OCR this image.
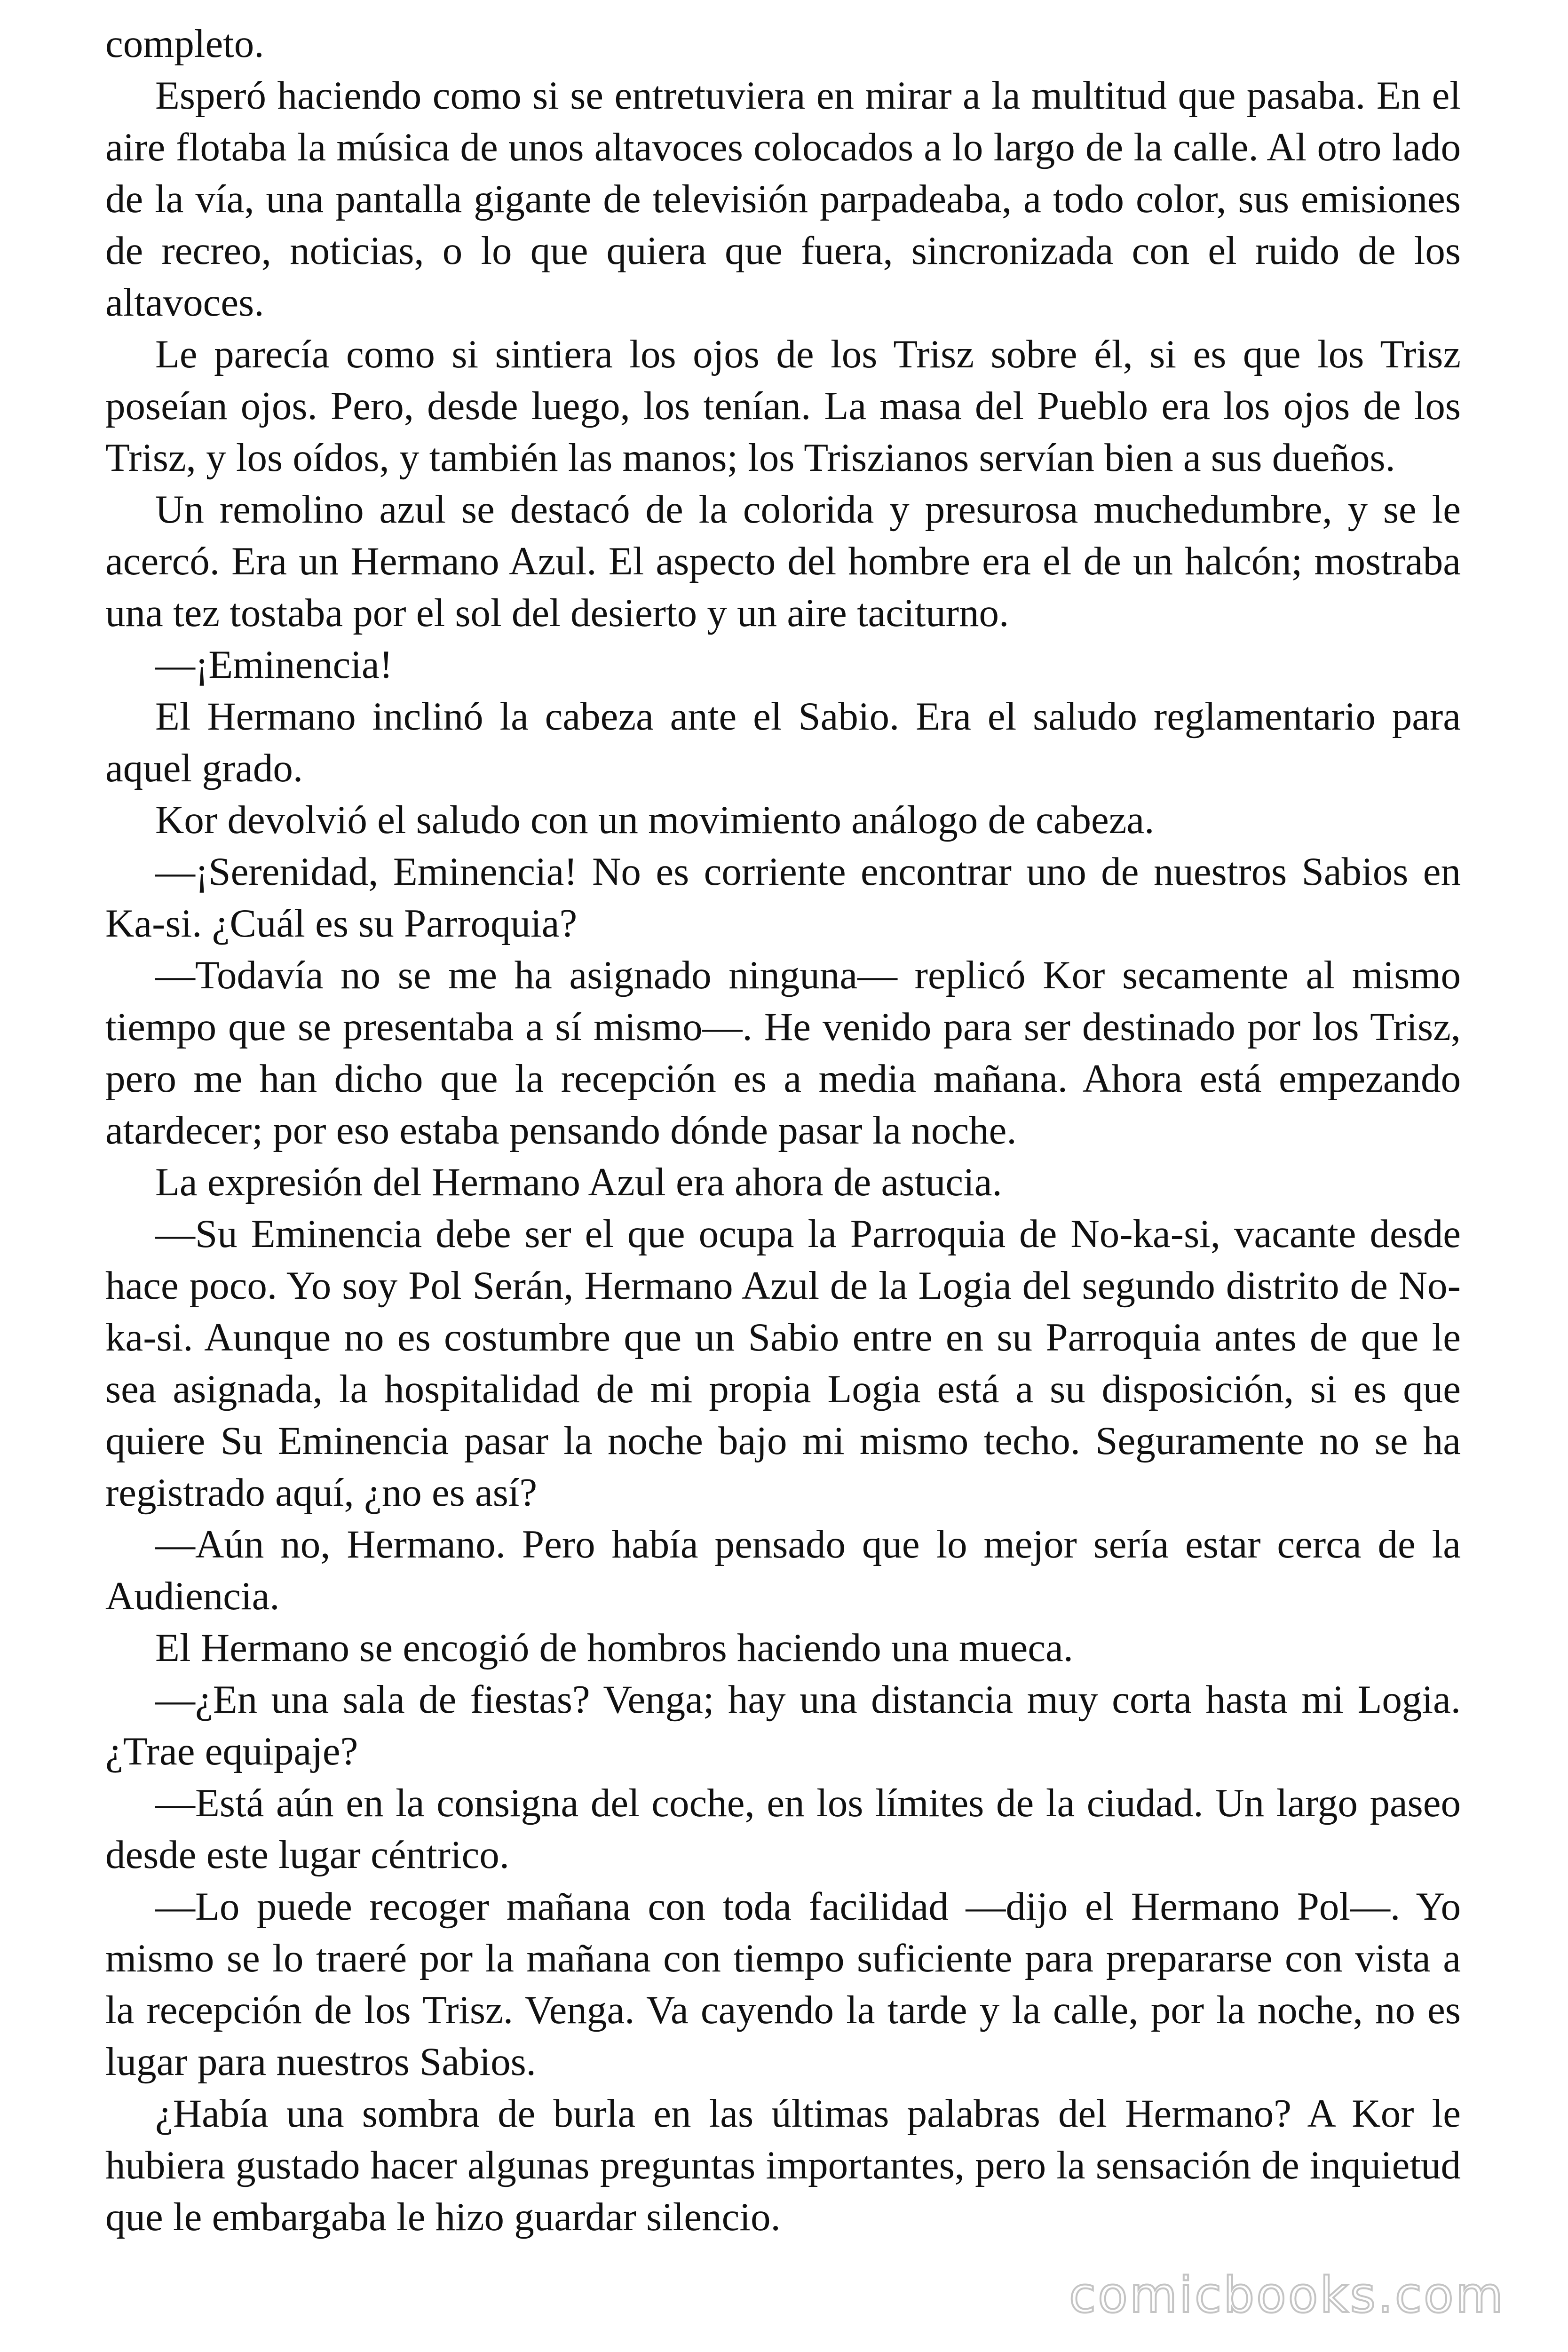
completo.

Esperó haciendo como si se entretuviera en mirar a la multitud que pasaba. En el aire flotaba la música de unos altavoces colocados a lo largo de la calle. Al otro lado de la vía, una pantalla gigante de televisión parpadeaba, a todo color, sus emisiones de recreo, noticias, o lo que quiera que fuera, sincronizada con el ruido de los altavoces.

Le parecía como si sintiera los ojos de los Trisz sobre él, si es que los Trisz poseían ojos. Pero, desde luego, los tenían. La masa del Pueblo era los ojos de los Trisz, y los oídos, y también las manos; los Triszianos servían bien a sus dueños.

Un remolino azul se destacó de la colorida y presurosa muchedumbre, y se le acercó. Era un Hermano Azul. El aspecto del hombre era el de un halcón; mostraba una tez tostaba por el sol del desierto y un aire taciturno.

—¡Eminencia!

El Hermano inclinó la cabeza ante el Sabio. Era el saludo reglamentario para aquel grado.

Kor devolvió el saludo con un movimiento análogo de cabeza.

—¡Serenidad, Eminencia! No es corriente encontrar uno de nuestros Sabios en Ka-si. ¿Cuál es su Parroquia?

—Todavía no se me ha asignado ninguna— replicó Kor secamente al mismo tiempo que se presentaba a sí mismo—. He venido para ser destinado por los Trisz, pero me han dicho que la recepción es a media mañana. Ahora está empezando atardecer; por eso estaba pensando dónde pasar la noche.

La expresión del Hermano Azul era ahora de astucia.

—Su Eminencia debe ser el que ocupa la Parroquia de No-ka-si, vacante desde hace poco. Yo soy Pol Serán, Hermano Azul de la Logia del segundo distrito de No-ka-si. Aunque no es costumbre que un Sabio entre en su Parroquia antes de que le sea asignada, la hospitalidad de mi propia Logia está a su disposición, si es que quiere Su Eminencia pasar la noche bajo mi mismo techo. Seguramente no se ha registrado aquí, ¿no es así?

—Aún no, Hermano. Pero había pensado que lo mejor sería estar cerca de la Audiencia.

El Hermano se encogió de hombros haciendo una mueca.

—¿En una sala de fiestas? Venga; hay una distancia muy corta hasta mi Logia. ¿Trae equipaje?

—Está aún en la consigna del coche, en los límites de la ciudad. Un largo paseo desde este lugar céntrico.

—Lo puede recoger mañana con toda facilidad —dijo el Hermano Pol—. Yo mismo se lo traeré por la mañana con tiempo suficiente para prepararse con vista a la recepción de los Trisz. Venga. Va cayendo la tarde y la calle, por la noche, no es lugar para nuestros Sabios.

¿Había una sombra de burla en las últimas palabras del Hermano? A Kor le hubiera gustado hacer algunas preguntas importantes, pero la sensación de inquietud que le embargaba le hizo guardar silencio.

comicbooks.com
